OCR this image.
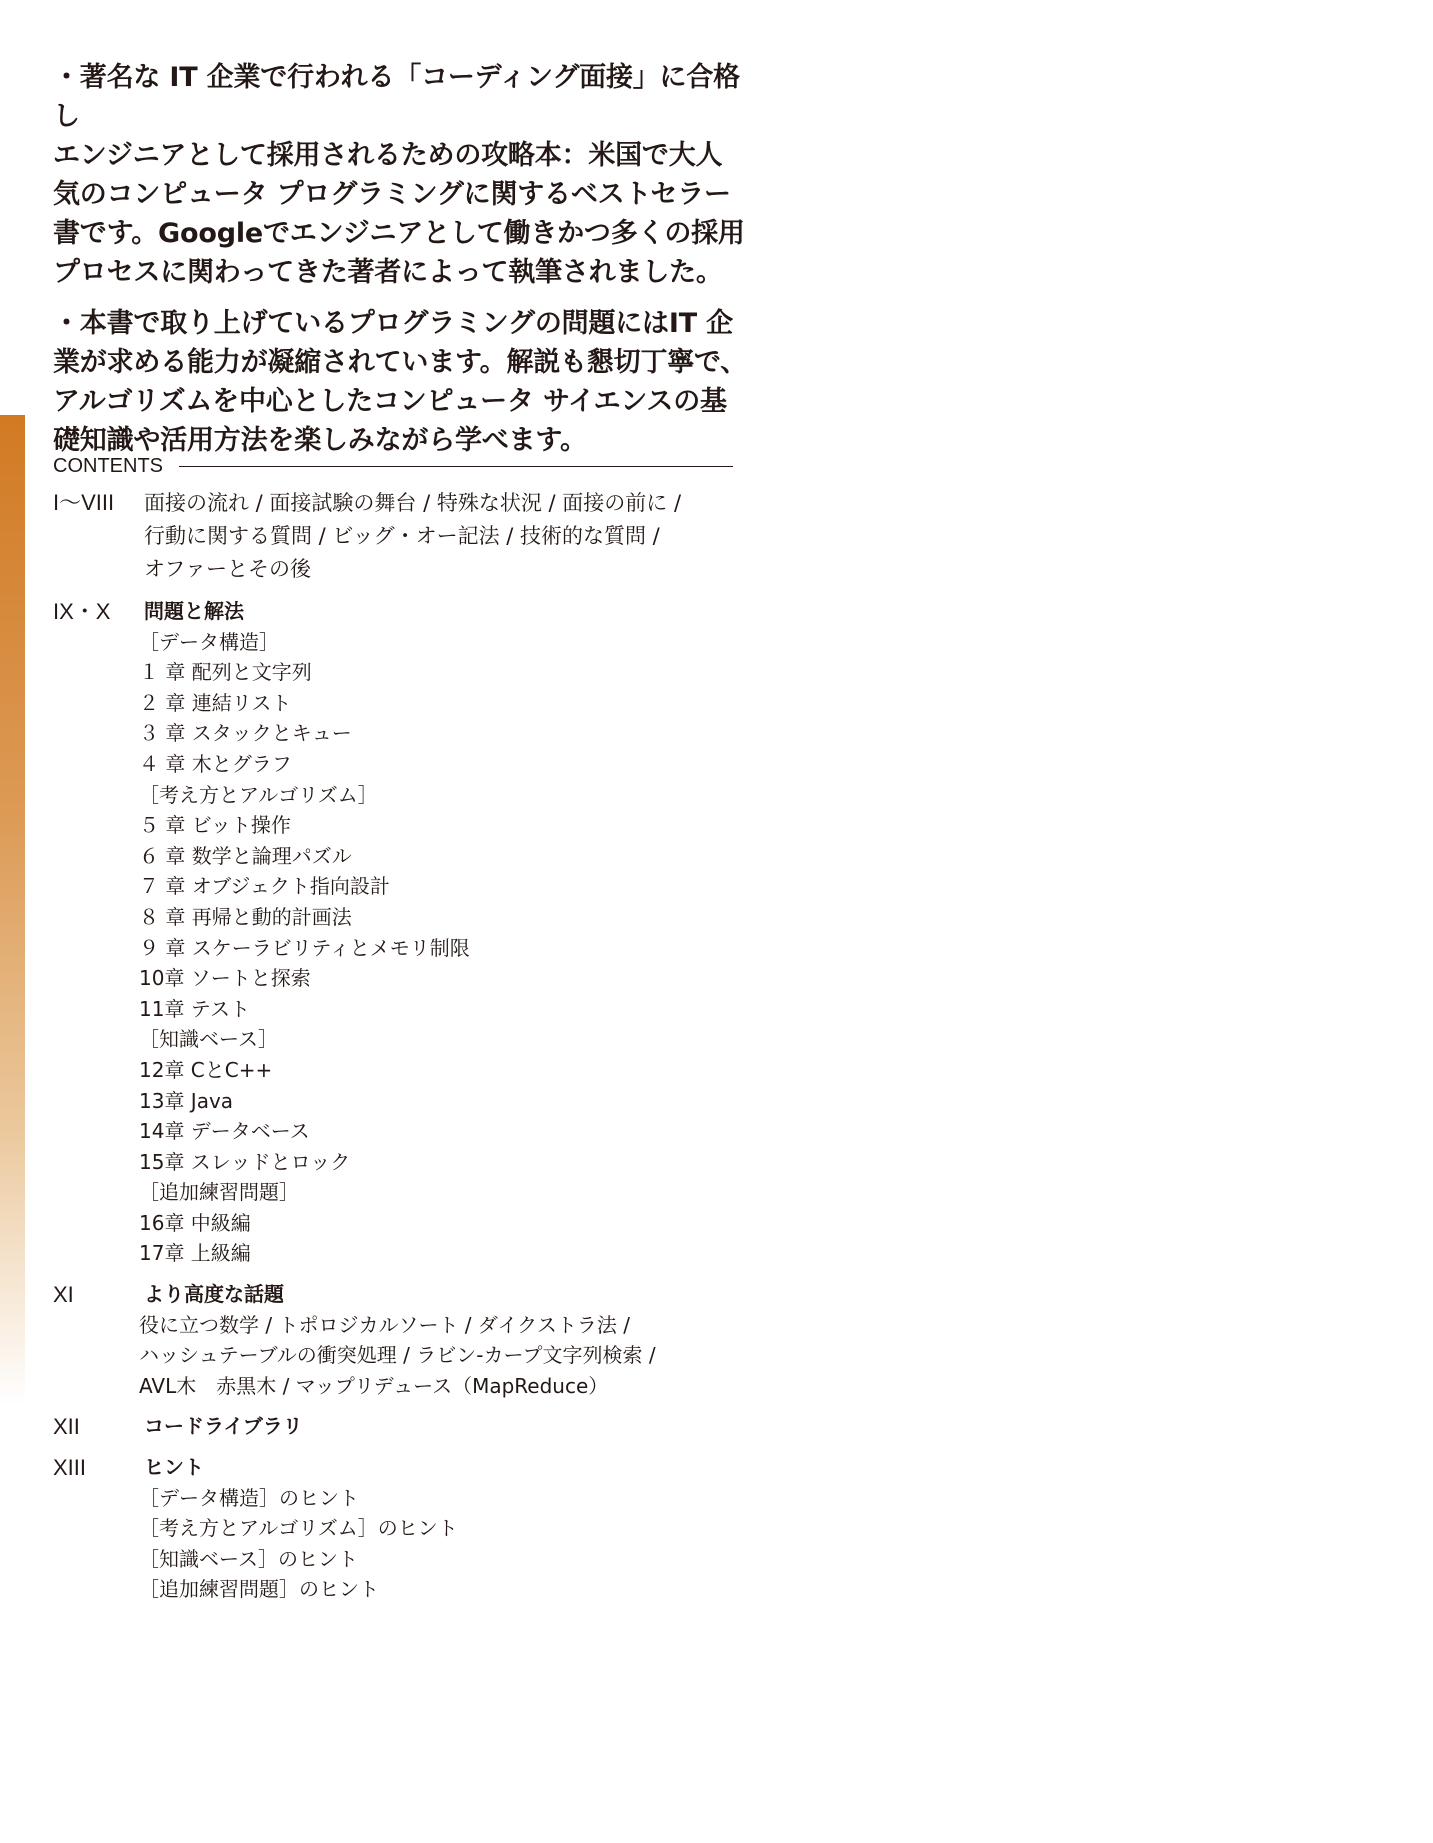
・著名な IT 企業で行われる「コーディング面接」に合格し
エンジニアとして採用されるための攻略本：米国で大人
気のコンピュータ プログラミングに関するベストセラー
書です。Googleでエンジニアとして働きかつ多くの採用
プロセスに関わってきた著者によって執筆されました。

・本書で取り上げているプログラミングの問題にはIT 企
業が求める能力が凝縮されています。解説も懇切丁寧で、
アルゴリズムを中心としたコンピュータ サイエンスの基
礎知識や活用方法を楽しみながら学べます。

CONTENTS
I〜VIII 面接の流れ / 面接試験の舞台 / 特殊な状況 / 面接の前に /
行動に関する質問 / ビッグ・オー記法 / 技術的な質問 /
オファーとその後
IX・X 問題と解法
［データ構造］
１ 章 配列と文字列
２ 章 連結リスト
３ 章 スタックとキュー
４ 章 木とグラフ
［考え方とアルゴリズム］
５ 章 ビット操作
６ 章 数学と論理パズル
７ 章 オブジェクト指向設計
８ 章 再帰と動的計画法
９ 章 スケーラビリティとメモリ制限
10章 ソートと探索
11章 テスト
［知識ベース］
12章 CとC++
13章 Java
14章 データベース
15章 スレッドとロック
［追加練習問題］
16章 中級編
17章 上級編
XI	より高度な話題
役に立つ数学 / トポロジカルソート / ダイクストラ法 /
ハッシュテーブルの衝突処理 / ラビン-カープ文字列検索 /
AVL木　赤黒木 / マップリデュース（MapReduce）
XII	コードライブラリ
XIII	ヒント
［データ構造］のヒント
［考え方とアルゴリズム］のヒント
［知識ベース］のヒント
［追加練習問題］のヒント
